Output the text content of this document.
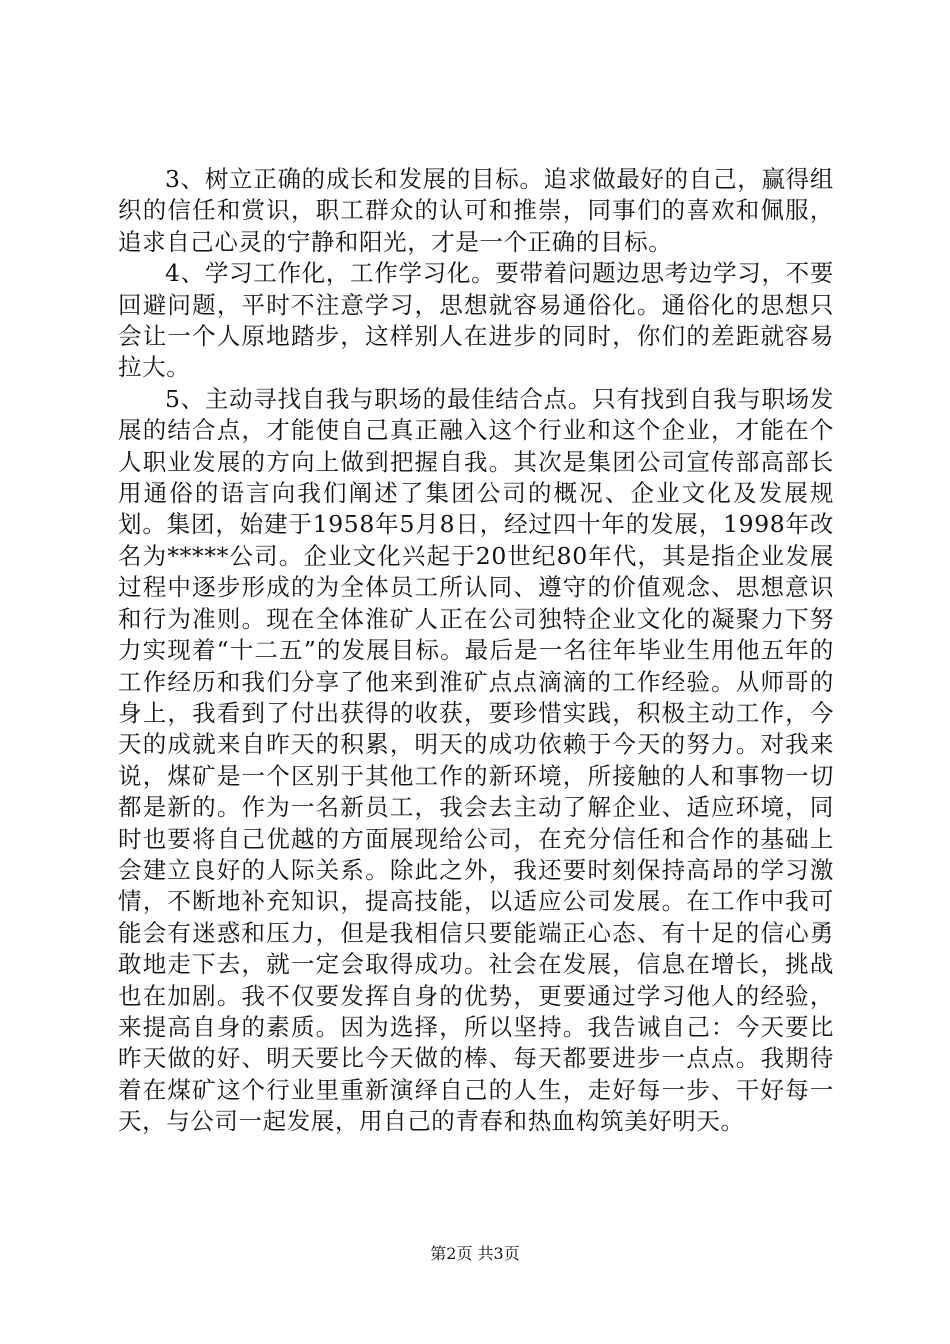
3、树立正确的成长和发展的目标。追求做最好的自己，赢得组织的信任和赏识，职工群众的认可和推崇，同事们的喜欢和佩服，追求自己心灵的宁静和阳光，才是一个正确的目标。

4、学习工作化，工作学习化。要带着问题边思考边学习，不要回避问题，平时不注意学习，思想就容易通俗化。通俗化的思想只会让一个人原地踏步，这样别人在进步的同时，你们的差距就容易拉大。

5、主动寻找自我与职场的最佳结合点。只有找到自我与职场发展的结合点，才能使自己真正融入这个行业和这个企业，才能在个人职业发展的方向上做到把握自我。其次是集团公司宣传部高部长用通俗的语言向我们阐述了集团公司的概况、企业文化及发展规划。集团，始建于1958年5月8日，经过四十年的发展，1998年改名为*****公司。企业文化兴起于20世纪80年代，其是指企业发展过程中逐步形成的为全体员工所认同、遵守的价值观念、思想意识和行为准则。现在全体淮矿人正在公司独特企业文化的凝聚力下努力实现着“十二五”的发展目标。最后是一名往年毕业生用他五年的工作经历和我们分享了他来到淮矿点点滴滴的工作经验。从师哥的身上，我看到了付出获得的收获，要珍惜实践，积极主动工作，今天的成就来自昨天的积累，明天的成功依赖于今天的努力。对我来说，煤矿是一个区别于其他工作的新环境，所接触的人和事物一切都是新的。作为一名新员工，我会去主动了解企业、适应环境，同时也要将自己优越的方面展现给公司，在充分信任和合作的基础上会建立良好的人际关系。除此之外，我还要时刻保持高昂的学习激情，不断地补充知识，提高技能，以适应公司发展。在工作中我可能会有迷惑和压力，但是我相信只要能端正心态、有十足的信心勇敢地走下去，就一定会取得成功。社会在发展，信息在增长，挑战也在加剧。我不仅要发挥自身的优势，更要通过学习他人的经验，来提高自身的素质。因为选择，所以坚持。我告诫自己：今天要比昨天做的好、明天要比今天做的棒、每天都要进步一点点。我期待着在煤矿这个行业里重新演绎自己的人生，走好每一步、干好每一天，与公司一起发展，用自己的青春和热血构筑美好明天。

第2页 共3页
